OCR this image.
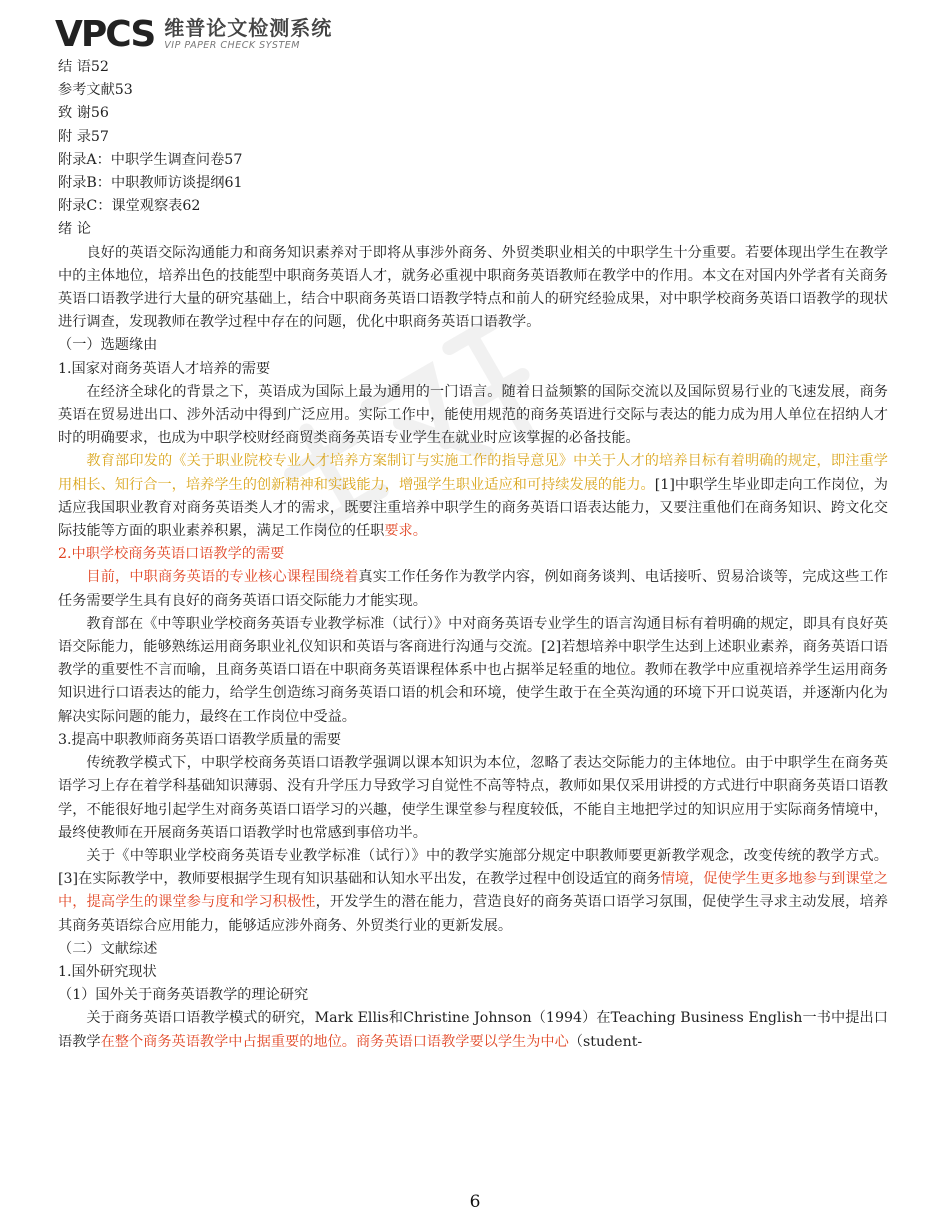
VPCS 维普论文检测系统
VIP PAPER CHECK SYSTEM
结 语52
参考文献53
致 谢56
附 录57
附录A：中职学生调查问卷57
附录B：中职教师访谈提纲61
附录C：课堂观察表62
绪 论
良好的英语交际沟通能力和商务知识素养对于即将从事涉外商务、外贸类职业相关的中职学生十分重要。若要体现出学生在教学中的主体地位，培养出色的技能型中职商务英语人才，就务必重视中职商务英语教师在教学中的作用。本文在对国内外学者有关商务英语口语教学进行大量的研究基础上，结合中职商务英语口语教学特点和前人的研究经验成果，对中职学校商务英语口语教学的现状进行调查，发现教师在教学过程中存在的问题，优化中职商务英语口语教学。
（一）选题缘由
1.国家对商务英语人才培养的需要
在经济全球化的背景之下，英语成为国际上最为通用的一门语言。随着日益频繁的国际交流以及国际贸易行业的飞速发展，商务英语在贸易进出口、涉外活动中得到广泛应用。实际工作中，能使用规范的商务英语进行交际与表达的能力成为用人单位在招纳人才时的明确要求，也成为中职学校财经商贸类商务英语专业学生在就业时应该掌握的必备技能。
教育部印发的《关于职业院校专业人才培养方案制订与实施工作的指导意见》中关于人才的培养目标有着明确的规定，即注重学用相长、知行合一，培养学生的创新精神和实践能力，增强学生职业适应和可持续发展的能力。[1]中职学生毕业即走向工作岗位，为适应我国职业教育对商务英语类人才的需求，既要注重培养中职学生的商务英语口语表达能力，又要注重他们在商务知识、跨文化交际技能等方面的职业素养积累，满足工作岗位的任职要求。
2.中职学校商务英语口语教学的需要
目前，中职商务英语的专业核心课程围绕着真实工作任务作为教学内容，例如商务谈判、电话接听、贸易洽谈等，完成这些工作任务需要学生具有良好的商务英语口语交际能力才能实现。
教育部在《中等职业学校商务英语专业教学标准（试行）》中对商务英语专业学生的语言沟通目标有着明确的规定，即具有良好英语交际能力，能够熟练运用商务职业礼仪知识和英语与客商进行沟通与交流。[2]若想培养中职学生达到上述职业素养，商务英语口语教学的重要性不言而喻，且商务英语口语在中职商务英语课程体系中也占据举足轻重的地位。教师在教学中应重视培养学生运用商务知识进行口语表达的能力，给学生创造练习商务英语口语的机会和环境，使学生敢于在全英沟通的环境下开口说英语，并逐渐内化为解决实际问题的能力，最终在工作岗位中受益。
3.提高中职教师商务英语口语教学质量的需要
传统教学模式下，中职学校商务英语口语教学强调以课本知识为本位，忽略了表达交际能力的主体地位。由于中职学生在商务英语学习上存在着学科基础知识薄弱、没有升学压力导致学习自觉性不高等特点，教师如果仅采用讲授的方式进行中职商务英语口语教学，不能很好地引起学生对商务英语口语学习的兴趣，使学生课堂参与程度较低，不能自主地把学过的知识应用于实际商务情境中，最终使教师在开展商务英语口语教学时也常感到事倍功半。
关于《中等职业学校商务英语专业教学标准（试行）》中的教学实施部分规定中职教师要更新教学观念，改变传统的教学方式。[3]在实际教学中，教师要根据学生现有知识基础和认知水平出发，在教学过程中创设适宜的商务情境，促使学生更多地参与到课堂之中，提高学生的课堂参与度和学习积极性，开发学生的潜在能力，营造良好的商务英语口语学习氛围，促使学生寻求主动发展，培养其商务英语综合应用能力，能够适应涉外商务、外贸类行业的更新发展。
（二）文献综述
1.国外研究现状
（1）国外关于商务英语教学的理论研究
关于商务英语口语教学模式的研究，Mark Ellis和Christine Johnson（1994）在Teaching Business English一书中提出口语教学在整个商务英语教学中占据重要的地位。商务英语口语教学要以学生为中心（student-
6
